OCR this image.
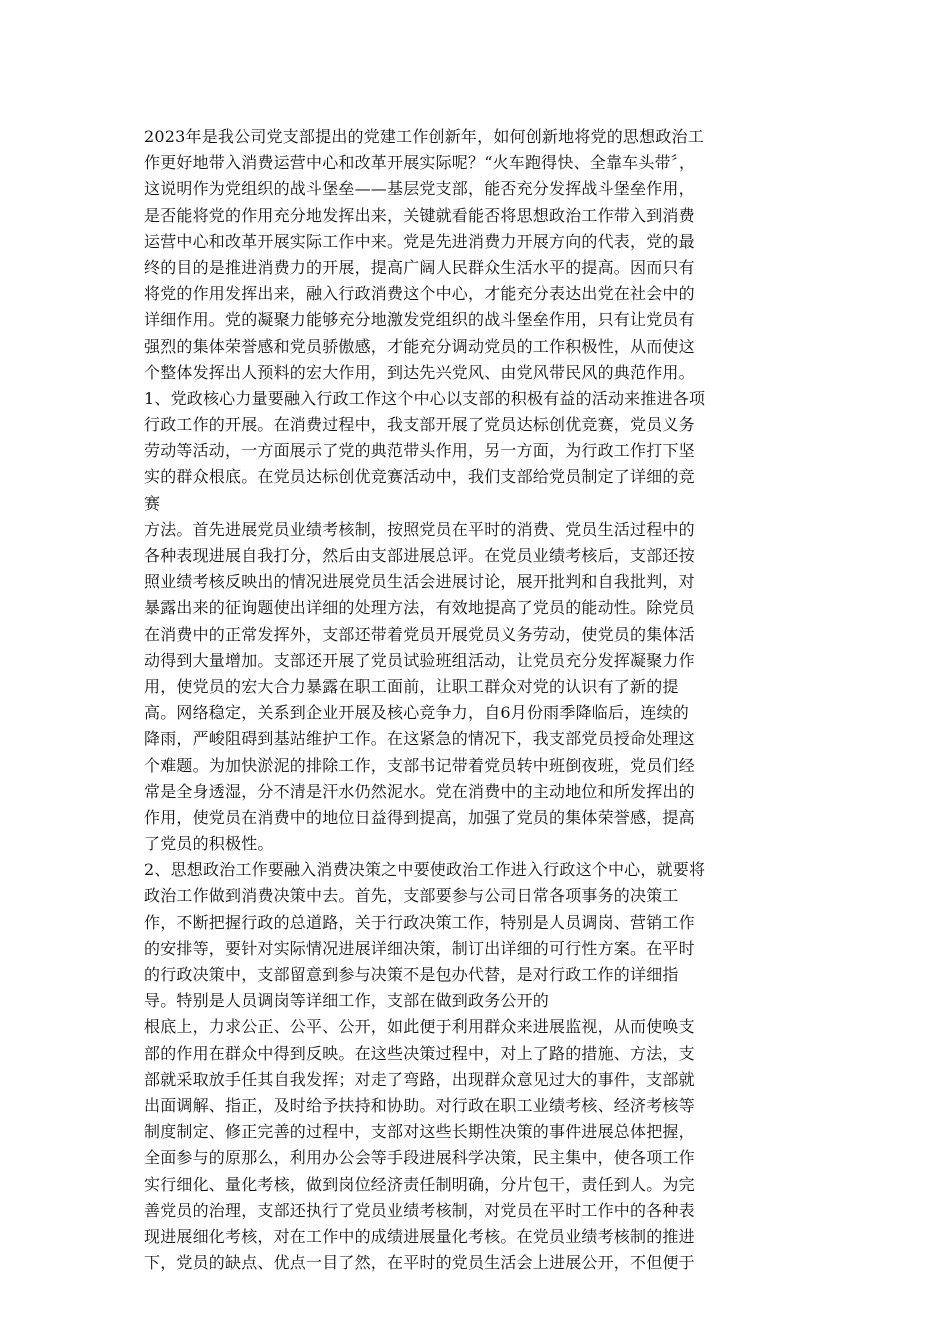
2023年是我公司党支部提出的党建工作创新年，如何创新地将党的思想政治工
作更好地带入消费运营中心和改革开展实际呢？“火车跑得快、全靠车头带〞，
这说明作为党组织的战斗堡垒——基层党支部，能否充分发挥战斗堡垒作用，
是否能将党的作用充分地发挥出来，关键就看能否将思想政治工作带入到消费
运营中心和改革开展实际工作中来。党是先进消费力开展方向的代表，党的最
终的目的是推进消费力的开展，提高广阔人民群众生活水平的提高。因而只有
将党的作用发挥出来，融入行政消费这个中心，才能充分表达出党在社会中的
详细作用。党的凝聚力能够充分地激发党组织的战斗堡垒作用，只有让党员有
强烈的集体荣誉感和党员骄傲感，才能充分调动党员的工作积极性，从而使这
个整体发挥出人预料的宏大作用，到达先兴党风、由党风带民风的典范作用。
1、党政核心力量要融入行政工作这个中心以支部的积极有益的活动来推进各项
行政工作的开展。在消费过程中，我支部开展了党员达标创优竞赛，党员义务
劳动等活动，一方面展示了党的典范带头作用，另一方面，为行政工作打下坚
实的群众根底。在党员达标创优竞赛活动中，我们支部给党员制定了详细的竞
赛
方法。首先进展党员业绩考核制，按照党员在平时的消费、党员生活过程中的
各种表现进展自我打分，然后由支部进展总评。在党员业绩考核后，支部还按
照业绩考核反映出的情况进展党员生活会进展讨论，展开批判和自我批判，对
暴露出来的征询题使出详细的处理方法，有效地提高了党员的能动性。除党员
在消费中的正常发挥外，支部还带着党员开展党员义务劳动，使党员的集体活
动得到大量增加。支部还开展了党员试验班组活动，让党员充分发挥凝聚力作
用，使党员的宏大合力暴露在职工面前，让职工群众对党的认识有了新的提
高。网络稳定，关系到企业开展及核心竞争力，自6月份雨季降临后，连续的
降雨，严峻阻碍到基站维护工作。在这紧急的情况下，我支部党员授命处理这
个难题。为加快淤泥的排除工作，支部书记带着党员转中班倒夜班，党员们经
常是全身透湿，分不清是汗水仍然泥水。党在消费中的主动地位和所发挥出的
作用，使党员在消费中的地位日益得到提高，加强了党员的集体荣誉感，提高
了党员的积极性。
2、思想政治工作要融入消费决策之中要使政治工作进入行政这个中心，就要将
政治工作做到消费决策中去。首先，支部要参与公司日常各项事务的决策工
作，不断把握行政的总道路，关于行政决策工作，特别是人员调岗、营销工作
的安排等，要针对实际情况进展详细决策，制订出详细的可行性方案。在平时
的行政决策中，支部留意到参与决策不是包办代替，是对行政工作的详细指
导。特别是人员调岗等详细工作，支部在做到政务公开的
根底上，力求公正、公平、公开，如此便于利用群众来进展监视，从而使唤支
部的作用在群众中得到反映。在这些决策过程中，对上了路的措施、方法，支
部就采取放手任其自我发挥；对走了弯路，出现群众意见过大的事件，支部就
出面调解、指正，及时给予扶持和协助。对行政在职工业绩考核、经济考核等
制度制定、修正完善的过程中，支部对这些长期性决策的事件进展总体把握，
全面参与的原那么，利用办公会等手段进展科学决策，民主集中，使各项工作
实行细化、量化考核，做到岗位经济责任制明确，分片包干，责任到人。为完
善党员的治理，支部还执行了党员业绩考核制，对党员在平时工作中的各种表
现进展细化考核，对在工作中的成绩进展量化考核。在党员业绩考核制的推进
下，党员的缺点、优点一目了然，在平时的党员生活会上进展公开，不但便于
